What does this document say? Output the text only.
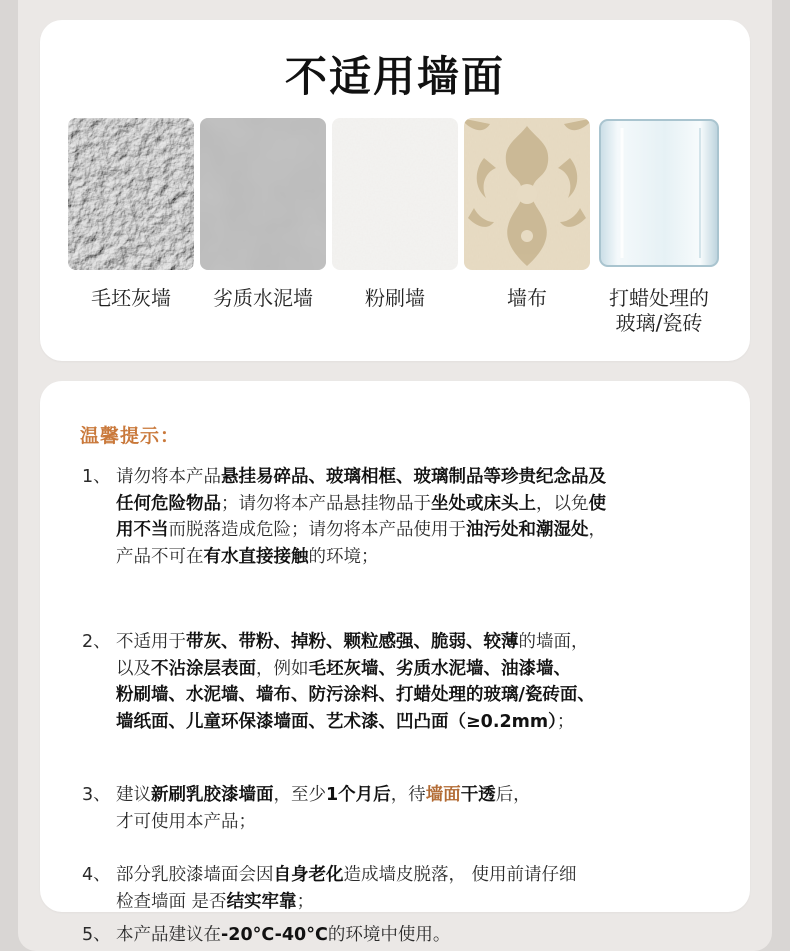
不适用墙面
毛坯灰墙	劣质水泥墙	粉刷墙	墙布	打蜡处理的
玻璃/瓷砖
温馨提示：
1、 请勿将本产品悬挂易碎品、玻璃相框、玻璃制品等珍贵纪念品及
任何危险物品；请勿将本产品悬挂物品于坐处或床头上，以免使
用不当而脱落造成危险；请勿将本产品使用于油污处和潮湿处，
产品不可在有水直接接触的环境；
2、 不适用于带灰、带粉、掉粉、颗粒感强、脆弱、较薄的墙面，
以及不沾涂层表面，例如毛坯灰墙、劣质水泥墙、油漆墙、
粉刷墙、水泥墙、墙布、防污涂料、打蜡处理的玻璃/瓷砖面、
墙纸面、儿童环保漆墙面、艺术漆、凹凸面（≥0.2mm）；
3、 建议新刷乳胶漆墙面，至少1个月后，待墙面干透后，
才可使用本产品；
4、 部分乳胶漆墙面会因自身老化造成墙皮脱落， 使用前请仔细
检查墙面 是否结实牢靠；
5、 本产品建议在-20°C-40°C的环境中使用。
